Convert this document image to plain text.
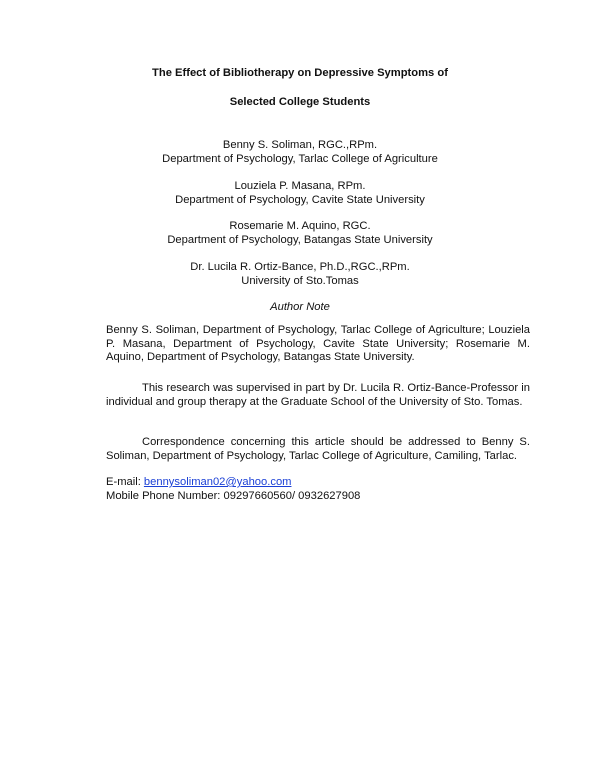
The Effect of Bibliotherapy on Depressive Symptoms of
Selected College Students
Benny S. Soliman, RGC.,RPm.
Department of Psychology, Tarlac College of Agriculture
Louziela P. Masana, RPm.
Department of Psychology, Cavite State University
Rosemarie M. Aquino, RGC.
Department of Psychology, Batangas State University
Dr. Lucila R. Ortiz-Bance, Ph.D.,RGC.,RPm.
University of Sto.Tomas
Author Note
Benny S. Soliman, Department of Psychology, Tarlac College of Agriculture; Louziela P. Masana, Department of Psychology, Cavite State University; Rosemarie M. Aquino, Department of Psychology, Batangas State University.
This research was supervised in part by Dr. Lucila R. Ortiz-Bance-Professor in individual and group therapy at the Graduate School of the University of Sto. Tomas.
Correspondence concerning this article should be addressed to Benny S. Soliman, Department of Psychology, Tarlac College of Agriculture, Camiling, Tarlac.
E-mail: bennysoliman02@yahoo.com
Mobile Phone Number: 09297660560/ 0932627908
